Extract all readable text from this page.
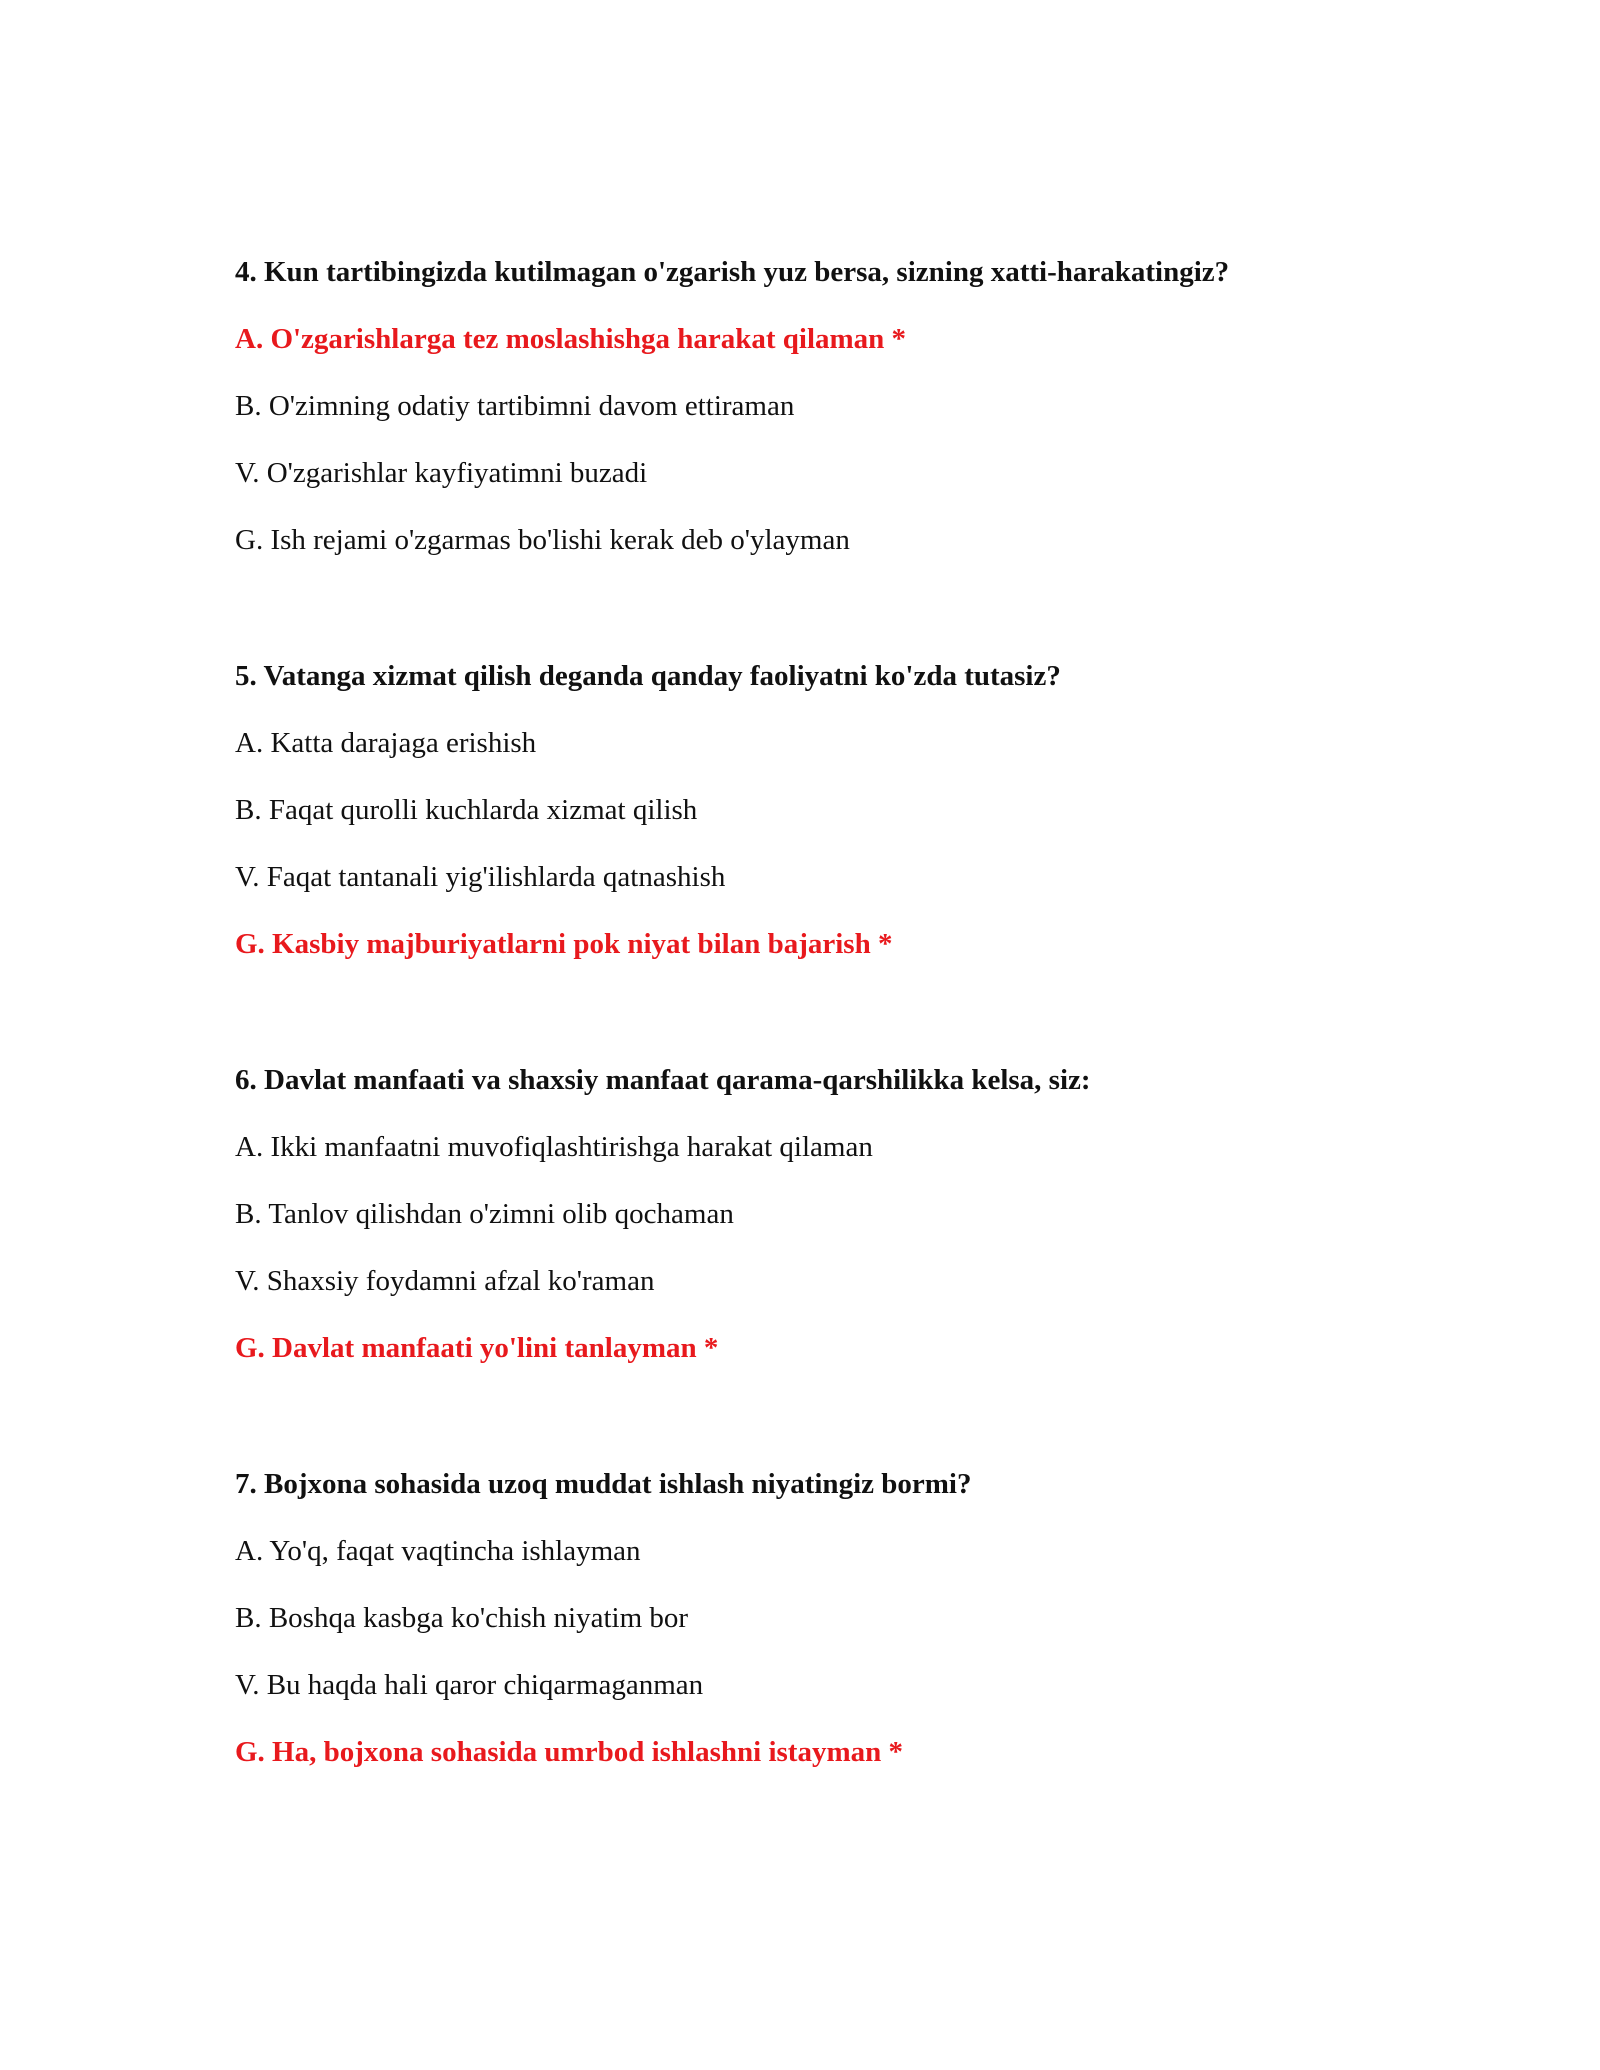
4. Kun tartibingizda kutilmagan o'zgarish yuz bersa, sizning xatti-harakatingiz?

A. O'zgarishlarga tez moslashishga harakat qilaman *

B. O'zimning odatiy tartibimni davom ettiraman

V. O'zgarishlar kayfiyatimni buzadi

G. Ish rejami o'zgarmas bo'lishi kerak deb o'ylayman

5. Vatanga xizmat qilish deganda qanday faoliyatni ko'zda tutasiz?

A. Katta darajaga erishish

B. Faqat qurolli kuchlarda xizmat qilish

V. Faqat tantanali yig'ilishlarda qatnashish

G. Kasbiy majburiyatlarni pok niyat bilan bajarish *

6. Davlat manfaati va shaxsiy manfaat qarama-qarshilikka kelsa, siz:

A. Ikki manfaatni muvofiqlashtirishga harakat qilaman

B. Tanlov qilishdan o'zimni olib qochaman

V. Shaxsiy foydamni afzal ko'raman

G. Davlat manfaati yo'lini tanlayman *

7. Bojxona sohasida uzoq muddat ishlash niyatingiz bormi?

A. Yo'q, faqat vaqtincha ishlayman

B. Boshqa kasbga ko'chish niyatim bor

V. Bu haqda hali qaror chiqarmaganman

G. Ha, bojxona sohasida umrbod ishlashni istayman *
